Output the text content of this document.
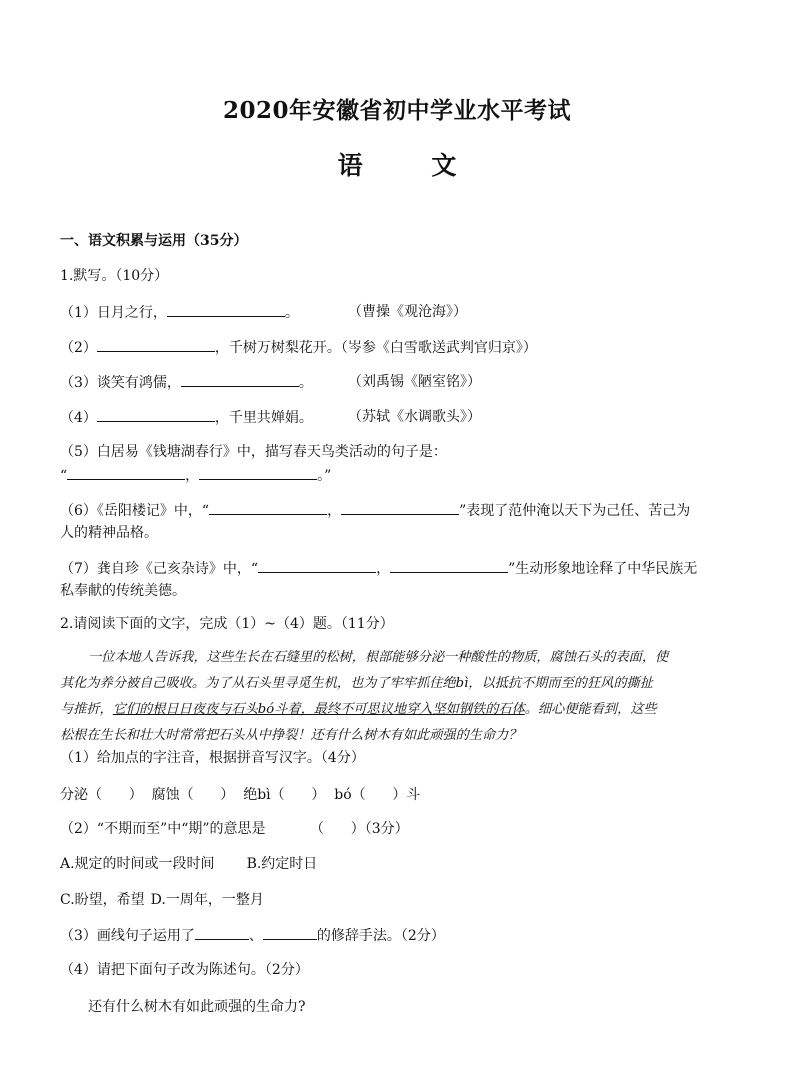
2020年安徽省初中学业水平考试
语 文
一、语文积累与运用（35分）
1.默写。（10分）
（1）日月之行，	。	（曹操《观沧海》）
（2）	，千树万树梨花开。（岑参《白雪歌送武判官归京》）
（3）谈笑有鸿儒，	。	（刘禹锡《陋室铭》）
（4）	，千里共婵娟。	（苏轼《水调歌头》）
（5）白居易《钱塘湖春行》中，描写春天鸟类活动的句子是：
“	，	。”
（6）《岳阳楼记》中，“	，	”表现了范仲淹以天下为己任、苦己为
人的精神品格。
（7）龚自珍《己亥杂诗》中，“	，	”生动形象地诠释了中华民族无
私奉献的传统美德。
2.请阅读下面的文字，完成（1）~（4）题。（11分）
一位本地人告诉我，这些生长在石缝里的松树，根部能够分泌一种酸性的物质，腐蚀石头的表面，使
其化为养分被自己吸收。为了从石头里寻觅生机，也为了牢牢抓住绝bì，以抵抗不期而至的狂风的撕扯
与推折，它们的根日日夜夜与石头bó斗着，最终不可思议地穿入坚如钢铁的石体。细心便能看到，这些
松根在生长和壮大时常常把石头从中挣裂！还有什么树木有如此顽强的生命力？
（1）给加点的字注音，根据拼音写汉字。（4分）
分泌（      ）  腐蚀（      ）  绝bì（      ）  bó（      ）斗
（2）“不期而至”中“期”的意思是          （      ）（3分）
A.规定的时间或一段时间 B.约定时日
C.盼望，希望 D.一周年，一整月
（3）画线句子运用了	、	的修辞手法。（2分）
（4）请把下面句子改为陈述句。（2分）
还有什么树木有如此顽强的生命力?
